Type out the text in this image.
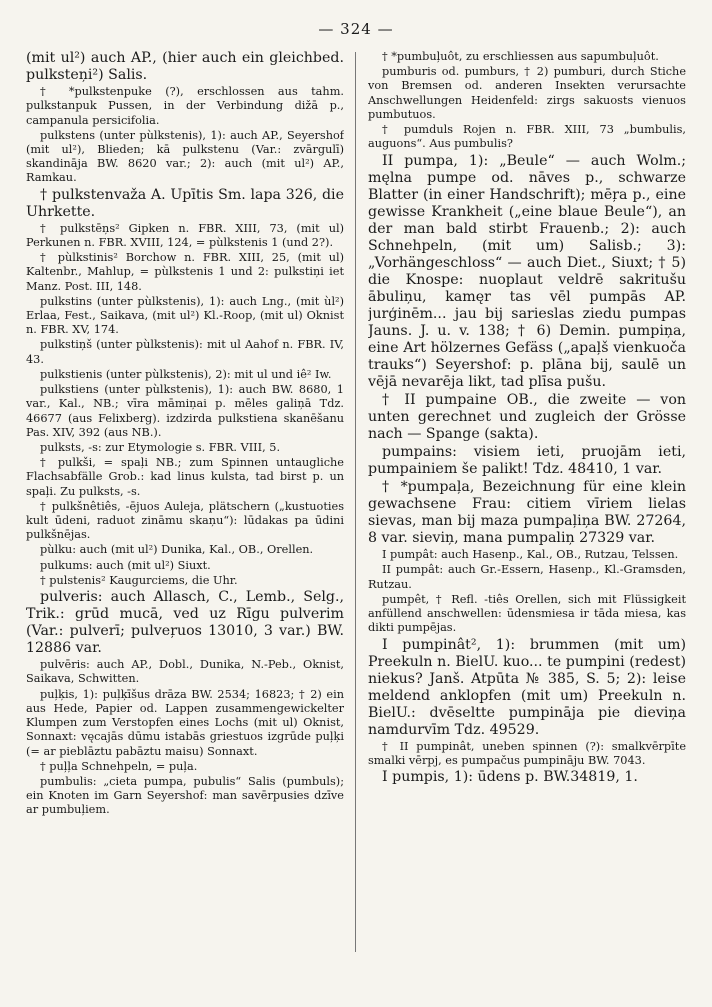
— 324 —

(mit ul²) auch AP., (hier auch ein gleichbed. pulksteņi²) Salis.

† *pulkstenpuke (?), erschlossen aus tahm. pulkstanpuk Pussen, in der Verbindung dižā p., campanula persicifolia.

pulkstens (unter pùlkstenis), 1): auch AP., Seyershof (mit ul²), Blieden; kā pulkstenu (Var.: zvārgulī) skandināja BW. 8620 var.; 2): auch (mit ul²) AP., Ramkau.

† pulkstenvaža A. Upītis Sm. lapa 326, die Uhrkette.

† pulkstēņs² Gipken n. FBR. XIII, 73, (mit ul) Perkunen n. FBR. XVIII, 124, = pùlkstenis 1 (und 2?).

† pùlkstinis² Borchow n. FBR. XIII, 25, (mit ul) Kaltenbr., Mahlup, = pùlkstenis 1 und 2: pulkstiņi iet Manz. Post. III, 148.

pulkstins (unter pùlkstenis), 1): auch Lng., (mit ùl²) Erlaa, Fest., Saikava, (mit ul²) Kl.-Roop, (mit ul) Oknist n. FBR. XV, 174.

pulkstiņš (unter pùlkstenis): mit ul Aahof n. FBR. IV, 43.

pulkstienis (unter pùlkstenis), 2): mit ul und iê² Iw.

pulkstiens (unter pùlkstenis), 1): auch BW. 8680, 1 var., Kal., NB.; vīra māmiņai p. mēles galiņā Tdz. 46677 (aus Felixberg). izdzirda pulkstiena skanēšanu Pas. XIV, 392 (aus NB.).

pulksts, -s: zur Etymologie s. FBR. VIII, 5.

† pulkši, = spaļi NB.; zum Spinnen untaugliche Flachsabfälle Grob.: kad linus kulsta, tad birst p. un spaļi. Zu pulksts, -s.

† pulkšnêtiês, -ējuos Auleja, plätschern („kustuoties kult ūdeni, raduot zināmu skaņu“): lūdakas pa ūdini pulkšnējas.

pùlku: auch (mit ul²) Dunika, Kal., OB., Orellen.

pulkums: auch (mit ul²) Siuxt.

† pulstenis² Kaugurciems, die Uhr.

pulveris: auch Allasch, C., Lemb., Selg., Trik.: grūd mucā, ved uz Rīgu pulverim (Var.: pulverī; pulveŗuos 13010, 3 var.) BW. 12886 var.

pulvēris: auch AP., Dobl., Dunika, N.-Peb., Oknist, Saikava, Schwitten.

puļķis, 1): puļķīšus drāza BW. 2534; 16823; † 2) ein aus Hede, Papier od. Lappen zusammengewickelter Klumpen zum Verstopfen eines Lochs (mit ul) Oknist, Sonnaxt: vęcajās dūmu istabās griestuos izgrūde puļķi (= ar pieblāztu pabāztu maisu) Sonnaxt.

† puļļa Schnehpeln, = puļa.

pumbulis: „cieta pumpa, pubulis“ Salis (pumbuls); ein Knoten im Garn Seyershof: man savērpusies dzīve ar pumbuļiem.

† *pumbuļuôt, zu erschliessen aus sapumbuļuôt.

pumburis od. pumburs, † 2) pumburi, durch Stiche von Bremsen od. anderen Insekten verursachte Anschwellungen Heidenfeld: zirgs sakuosts vienuos pumbutuos.

† pumduls Rojen n. FBR. XIII, 73 „bumbulis, auguons“. Aus pumbulis?

II pumpa, 1): „Beule“ — auch Wolm.; męlna pumpe od. nāves p., schwarze Blatter (in einer Handschrift); mēŗa p., eine gewisse Krankheit („eine blaue Beule“), an der man bald stirbt Frauenb.; 2): auch Schnehpeln, (mit um) Salisb.; 3): „Vorhängeschloss“ — auch Diet., Siuxt; † 5) die Knospe: nuoplaut veldrē sakritušu ābuliņu, kamęr tas vēl pumpās AP. jurģinēm... jau bij sarieslas ziedu pumpas Jauns. J. u. v. 138; † 6) Demin. pumpiņa, eine Art hölzernes Gefäss („apaļš vienkuoča trauks“) Seyershof: p. plāna bij, saulē un vējā nevarēja likt, tad plīsa pušu.

† II pumpaine OB., die zweite — von unten gerechnet und zugleich der Grösse nach — Spange (sakta).

pumpains: visiem ieti, pruojām ieti, pumpainiem še palikt! Tdz. 48410, 1 var.

† *pumpaļa, Bezeichnung für eine klein gewachsene Frau: citiem vīriem lielas sievas, man bij maza pumpaļiņa BW. 27264, 8 var. sieviņ, mana pumpaliņ 27329 var.

I pumpât: auch Hasenp., Kal., OB., Rutzau, Telssen.

II pumpât: auch Gr.-Essern, Hasenp., Kl.-Gramsden, Rutzau.

pumpêt, † Refl. -tiês Orellen, sich mit Flüssigkeit anfüllend anschwellen: ūdensmiesa ir tāda miesa, kas dikti pumpējas.

I pumpinât², 1): brummen (mit um) Preekuln n. BielU. kuo... te pumpini (redest) niekus? Janš. Atpūta № 385, S. 5; 2): leise meldend anklopfen (mit um) Preekuln n. BielU.: dvēseltte pumpināja pie dieviņa namdurvīm Tdz. 49529.

† II pumpinât, uneben spinnen (?): smalkvērpīte smalki vērpj, es pumpačus pumpināju BW. 7043.

I pumpis, 1): ūdens p. BW.34819, 1.
